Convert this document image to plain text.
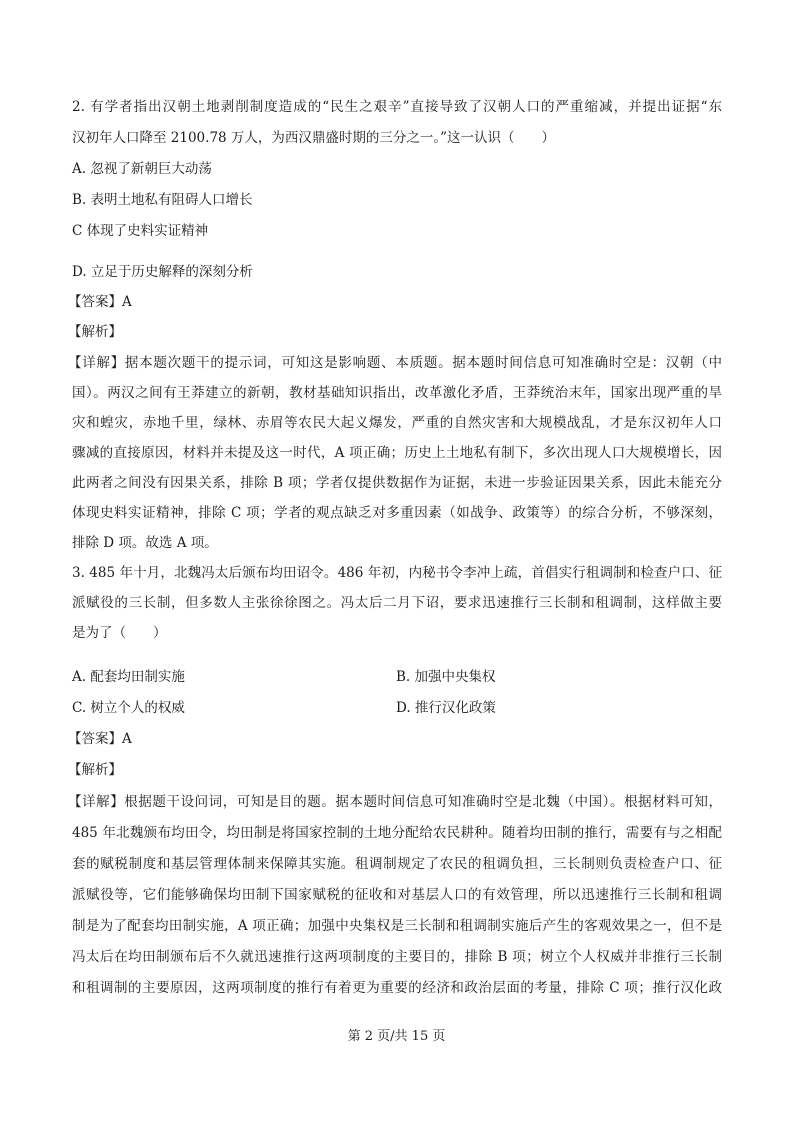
2. 有学者指出汉朝土地剥削制度造成的“民生之艰辛”直接导致了汉朝人口的严重缩减，并提出证据“东
汉初年人口降至 2100.78 万人，为西汉鼎盛时期的三分之一。”这一认识（　　）
A. 忽视了新朝巨大动荡
B. 表明土地私有阻碍人口增长
C 体现了史料实证精神
D. 立足于历史解释的深刻分析
【答案】A
【解析】
【详解】据本题次题干的提示词，可知这是影响题、本质题。据本题时间信息可知准确时空是：汉朝（中
国）。两汉之间有王莽建立的新朝，教材基础知识指出，改革激化矛盾，王莽统治末年，国家出现严重的旱
灾和蝗灾，赤地千里，绿林、赤眉等农民大起义爆发，严重的自然灾害和大规模战乱，才是东汉初年人口
骤减的直接原因，材料并未提及这一时代，A 项正确；历史上土地私有制下，多次出现人口大规模增长，因
此两者之间没有因果关系，排除 B 项；学者仅提供数据作为证据，未进一步验证因果关系，因此未能充分
体现史料实证精神，排除 C 项；学者的观点缺乏对多重因素（如战争、政策等）的综合分析，不够深刻，
排除 D 项。故选 A 项。
3. 485 年十月，北魏冯太后颁布均田诏令。486 年初，内秘书令李冲上疏，首倡实行租调制和检查户口、征
派赋役的三长制，但多数人主张徐徐图之。冯太后二月下诏，要求迅速推行三长制和租调制，这样做主要
是为了（　　）
A. 配套均田制实施	B. 加强中央集权
C. 树立个人的权威	D. 推行汉化政策
【答案】A
【解析】
【详解】根据题干设问词，可知是目的题。据本题时间信息可知准确时空是北魏（中国）。根据材料可知，
485 年北魏颁布均田令，均田制是将国家控制的土地分配给农民耕种。随着均田制的推行，需要有与之相配
套的赋税制度和基层管理体制来保障其实施。租调制规定了农民的租调负担，三长制则负责检查户口、征
派赋役等，它们能够确保均田制下国家赋税的征收和对基层人口的有效管理，所以迅速推行三长制和租调
制是为了配套均田制实施，A 项正确；加强中央集权是三长制和租调制实施后产生的客观效果之一，但不是
冯太后在均田制颁布后不久就迅速推行这两项制度的主要目的，排除 B 项；树立个人权威并非推行三长制
和租调制的主要原因，这两项制度的推行有着更为重要的经济和政治层面的考量，排除 C 项；推行汉化政
第 2 页/共 15 页
